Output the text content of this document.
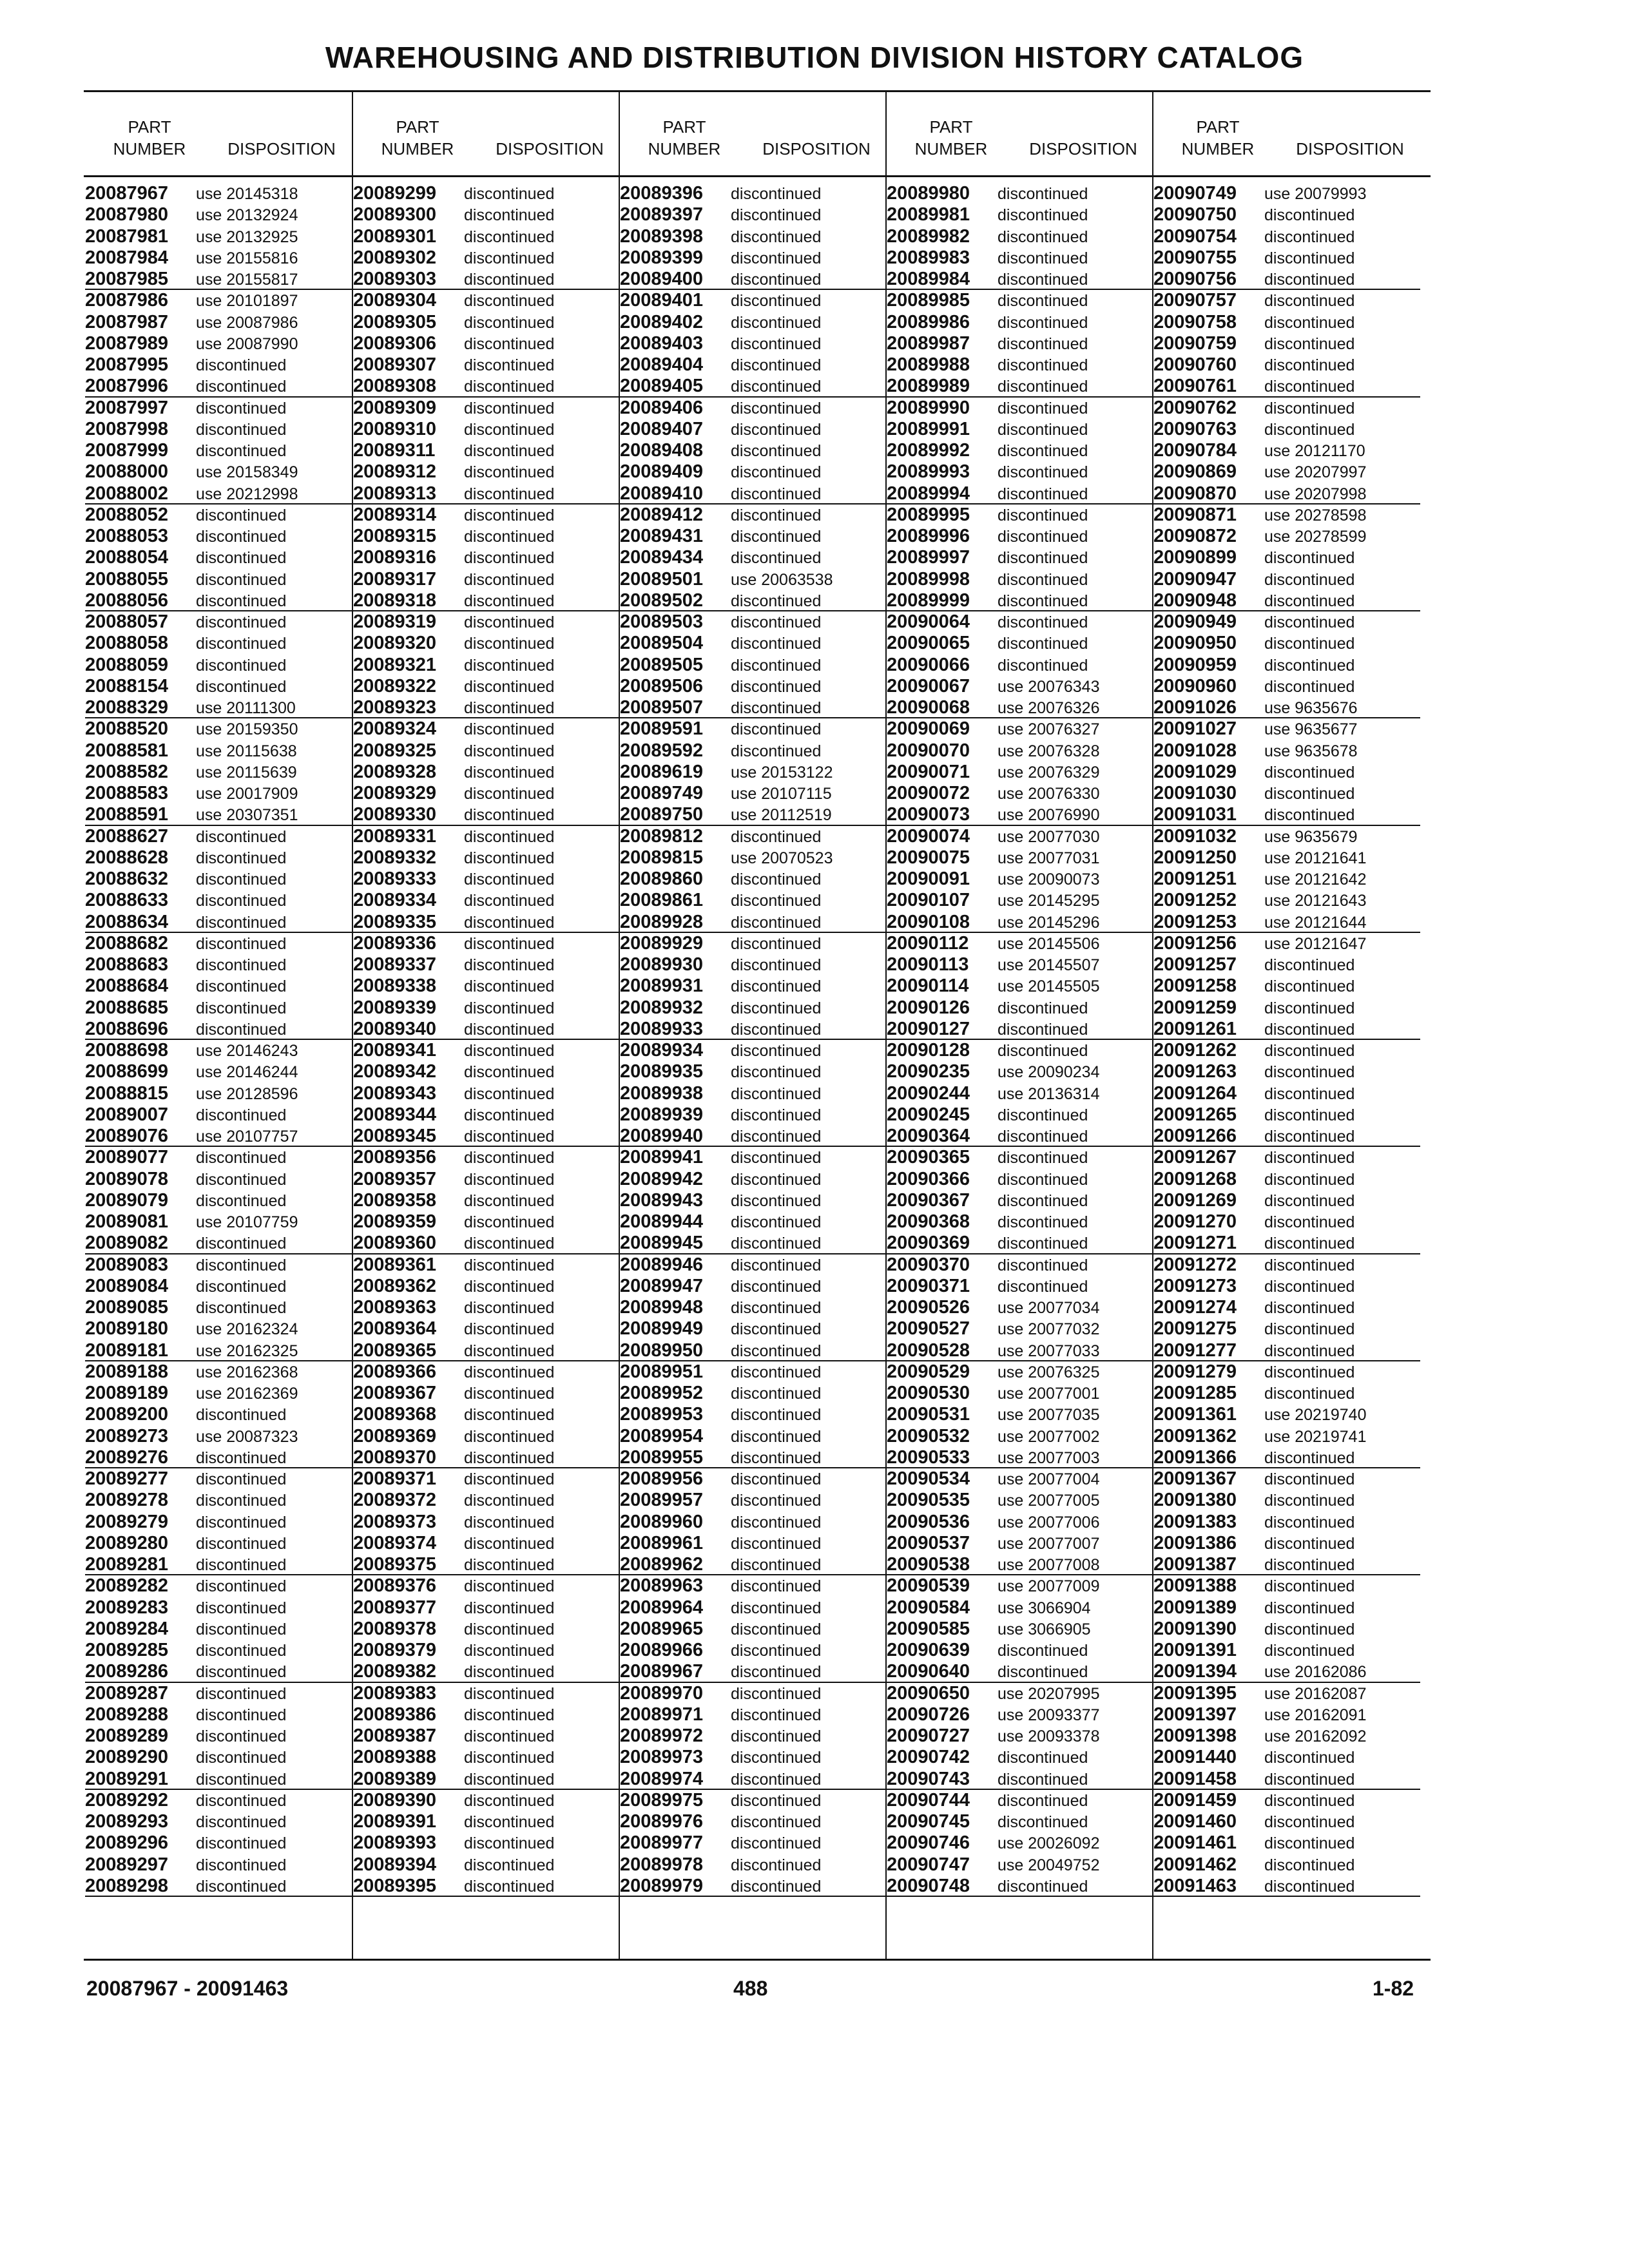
WAREHOUSING AND DISTRIBUTION DIVISION HISTORY CATALOG
PART
NUMBER	DISPOSITION
PART
NUMBER	DISPOSITION
PART
NUMBER	DISPOSITION
PART
NUMBER	DISPOSITION
PART
NUMBER	DISPOSITION
20087967 use 20145318
20087980 use 20132924
20087981 use 20132925
20087984 use 20155816
20087985 use 20155817
20087986 use 20101897
20087987 use 20087986
20087989 use 20087990
20087995 discontinued
20087996 discontinued
20087997 discontinued
20087998 discontinued
20087999 discontinued
20088000 use 20158349
20088002 use 20212998
20088052 discontinued
20088053 discontinued
20088054 discontinued
20088055 discontinued
20088056 discontinued
20088057 discontinued
20088058 discontinued
20088059 discontinued
20088154 discontinued
20088329 use 20111300
20088520 use 20159350
20088581 use 20115638
20088582 use 20115639
20088583 use 20017909
20088591 use 20307351
20088627 discontinued
20088628 discontinued
20088632 discontinued
20088633 discontinued
20088634 discontinued
20088682 discontinued
20088683 discontinued
20088684 discontinued
20088685 discontinued
20088696 discontinued
20088698 use 20146243
20088699 use 20146244
20088815 use 20128596
20089007 discontinued
20089076 use 20107757
20089077 discontinued
20089078 discontinued
20089079 discontinued
20089081 use 20107759
20089082 discontinued
20089083 discontinued
20089084 discontinued
20089085 discontinued
20089180 use 20162324
20089181 use 20162325
20089188 use 20162368
20089189 use 20162369
20089200 discontinued
20089273 use 20087323
20089276 discontinued
20089277 discontinued
20089278 discontinued
20089279 discontinued
20089280 discontinued
20089281 discontinued
20089282 discontinued
20089283 discontinued
20089284 discontinued
20089285 discontinued
20089286 discontinued
20089287 discontinued
20089288 discontinued
20089289 discontinued
20089290 discontinued
20089291 discontinued
20089292 discontinued
20089293 discontinued
20089296 discontinued
20089297 discontinued
20089298 discontinued
20089299 discontinued
20089300 discontinued
20089301 discontinued
20089302 discontinued
20089303 discontinued
20089304 discontinued
20089305 discontinued
20089306 discontinued
20089307 discontinued
20089308 discontinued
20089309 discontinued
20089310 discontinued
20089311 discontinued
20089312 discontinued
20089313 discontinued
20089314 discontinued
20089315 discontinued
20089316 discontinued
20089317 discontinued
20089318 discontinued
20089319 discontinued
20089320 discontinued
20089321 discontinued
20089322 discontinued
20089323 discontinued
20089324 discontinued
20089325 discontinued
20089328 discontinued
20089329 discontinued
20089330 discontinued
20089331 discontinued
20089332 discontinued
20089333 discontinued
20089334 discontinued
20089335 discontinued
20089336 discontinued
20089337 discontinued
20089338 discontinued
20089339 discontinued
20089340 discontinued
20089341 discontinued
20089342 discontinued
20089343 discontinued
20089344 discontinued
20089345 discontinued
20089356 discontinued
20089357 discontinued
20089358 discontinued
20089359 discontinued
20089360 discontinued
20089361 discontinued
20089362 discontinued
20089363 discontinued
20089364 discontinued
20089365 discontinued
20089366 discontinued
20089367 discontinued
20089368 discontinued
20089369 discontinued
20089370 discontinued
20089371 discontinued
20089372 discontinued
20089373 discontinued
20089374 discontinued
20089375 discontinued
20089376 discontinued
20089377 discontinued
20089378 discontinued
20089379 discontinued
20089382 discontinued
20089383 discontinued
20089386 discontinued
20089387 discontinued
20089388 discontinued
20089389 discontinued
20089390 discontinued
20089391 discontinued
20089393 discontinued
20089394 discontinued
20089395 discontinued
20089396 discontinued
20089397 discontinued
20089398 discontinued
20089399 discontinued
20089400 discontinued
20089401 discontinued
20089402 discontinued
20089403 discontinued
20089404 discontinued
20089405 discontinued
20089406 discontinued
20089407 discontinued
20089408 discontinued
20089409 discontinued
20089410 discontinued
20089412 discontinued
20089431 discontinued
20089434 discontinued
20089501 use 20063538
20089502 discontinued
20089503 discontinued
20089504 discontinued
20089505 discontinued
20089506 discontinued
20089507 discontinued
20089591 discontinued
20089592 discontinued
20089619 use 20153122
20089749 use 20107115
20089750 use 20112519
20089812 discontinued
20089815 use 20070523
20089860 discontinued
20089861 discontinued
20089928 discontinued
20089929 discontinued
20089930 discontinued
20089931 discontinued
20089932 discontinued
20089933 discontinued
20089934 discontinued
20089935 discontinued
20089938 discontinued
20089939 discontinued
20089940 discontinued
20089941 discontinued
20089942 discontinued
20089943 discontinued
20089944 discontinued
20089945 discontinued
20089946 discontinued
20089947 discontinued
20089948 discontinued
20089949 discontinued
20089950 discontinued
20089951 discontinued
20089952 discontinued
20089953 discontinued
20089954 discontinued
20089955 discontinued
20089956 discontinued
20089957 discontinued
20089960 discontinued
20089961 discontinued
20089962 discontinued
20089963 discontinued
20089964 discontinued
20089965 discontinued
20089966 discontinued
20089967 discontinued
20089970 discontinued
20089971 discontinued
20089972 discontinued
20089973 discontinued
20089974 discontinued
20089975 discontinued
20089976 discontinued
20089977 discontinued
20089978 discontinued
20089979 discontinued
20089980 discontinued
20089981 discontinued
20089982 discontinued
20089983 discontinued
20089984 discontinued
20089985 discontinued
20089986 discontinued
20089987 discontinued
20089988 discontinued
20089989 discontinued
20089990 discontinued
20089991 discontinued
20089992 discontinued
20089993 discontinued
20089994 discontinued
20089995 discontinued
20089996 discontinued
20089997 discontinued
20089998 discontinued
20089999 discontinued
20090064 discontinued
20090065 discontinued
20090066 discontinued
20090067 use 20076343
20090068 use 20076326
20090069 use 20076327
20090070 use 20076328
20090071 use 20076329
20090072 use 20076330
20090073 use 20076990
20090074 use 20077030
20090075 use 20077031
20090091 use 20090073
20090107 use 20145295
20090108 use 20145296
20090112 use 20145506
20090113 use 20145507
20090114 use 20145505
20090126 discontinued
20090127 discontinued
20090128 discontinued
20090235 use 20090234
20090244 use 20136314
20090245 discontinued
20090364 discontinued
20090365 discontinued
20090366 discontinued
20090367 discontinued
20090368 discontinued
20090369 discontinued
20090370 discontinued
20090371 discontinued
20090526 use 20077034
20090527 use 20077032
20090528 use 20077033
20090529 use 20076325
20090530 use 20077001
20090531 use 20077035
20090532 use 20077002
20090533 use 20077003
20090534 use 20077004
20090535 use 20077005
20090536 use 20077006
20090537 use 20077007
20090538 use 20077008
20090539 use 20077009
20090584 use 3066904
20090585 use 3066905
20090639 discontinued
20090640 discontinued
20090650 use 20207995
20090726 use 20093377
20090727 use 20093378
20090742 discontinued
20090743 discontinued
20090744 discontinued
20090745 discontinued
20090746 use 20026092
20090747 use 20049752
20090748 discontinued
20090749 use 20079993
20090750 discontinued
20090754 discontinued
20090755 discontinued
20090756 discontinued
20090757 discontinued
20090758 discontinued
20090759 discontinued
20090760 discontinued
20090761 discontinued
20090762 discontinued
20090763 discontinued
20090784 use 20121170
20090869 use 20207997
20090870 use 20207998
20090871 use 20278598
20090872 use 20278599
20090899 discontinued
20090947 discontinued
20090948 discontinued
20090949 discontinued
20090950 discontinued
20090959 discontinued
20090960 discontinued
20091026 use 9635676
20091027 use 9635677
20091028 use 9635678
20091029 discontinued
20091030 discontinued
20091031 discontinued
20091032 use 9635679
20091250 use 20121641
20091251 use 20121642
20091252 use 20121643
20091253 use 20121644
20091256 use 20121647
20091257 discontinued
20091258 discontinued
20091259 discontinued
20091261 discontinued
20091262 discontinued
20091263 discontinued
20091264 discontinued
20091265 discontinued
20091266 discontinued
20091267 discontinued
20091268 discontinued
20091269 discontinued
20091270 discontinued
20091271 discontinued
20091272 discontinued
20091273 discontinued
20091274 discontinued
20091275 discontinued
20091277 discontinued
20091279 discontinued
20091285 discontinued
20091361 use 20219740
20091362 use 20219741
20091366 discontinued
20091367 discontinued
20091380 discontinued
20091383 discontinued
20091386 discontinued
20091387 discontinued
20091388 discontinued
20091389 discontinued
20091390 discontinued
20091391 discontinued
20091394 use 20162086
20091395 use 20162087
20091397 use 20162091
20091398 use 20162092
20091440 discontinued
20091458 discontinued
20091459 discontinued
20091460 discontinued
20091461 discontinued
20091462 discontinued
20091463 discontinued
20087967 - 20091463	488	1-82
